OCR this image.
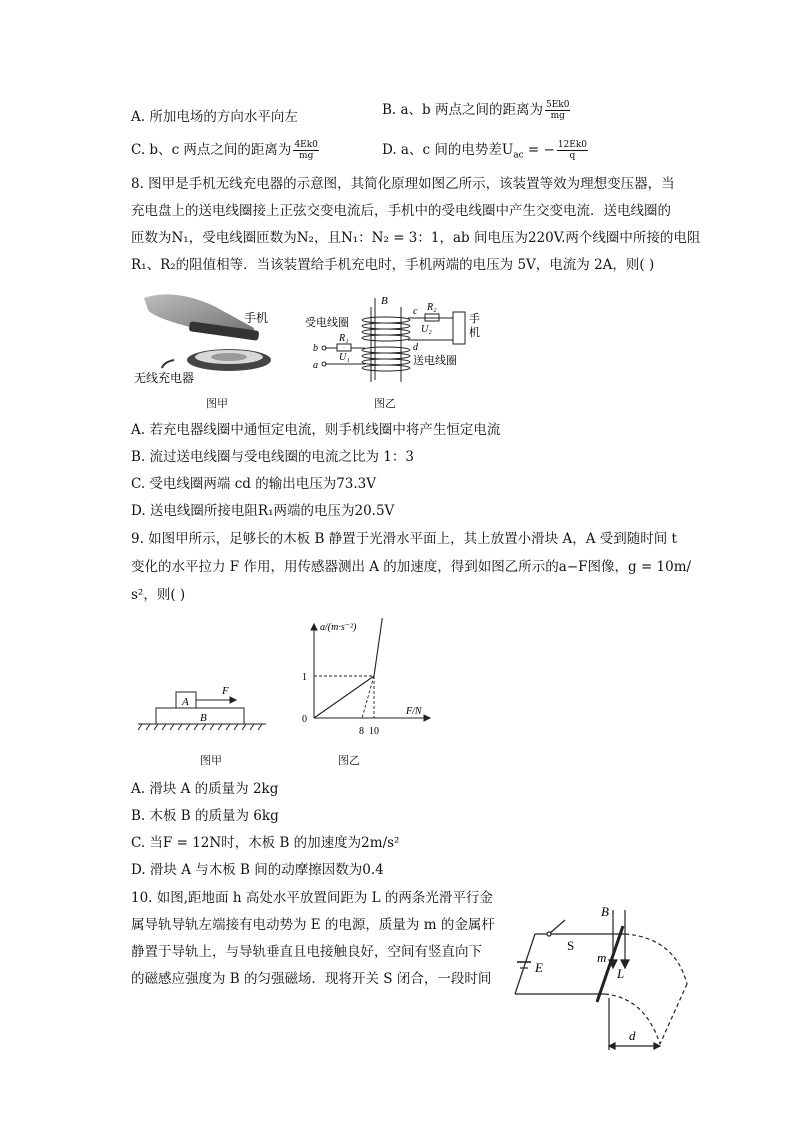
A. 所加电场的方向水平向左	B. a、b 两点之间的距离为 $\frac{5Ek0}{mg}$
C. b、c 两点之间的距离为 $\frac{4Ek0}{mg}$	D. a、c 间的电势差$U_{ac}$ = − $\frac{12Ek0}{q}$
8. 图甲是手机无线充电器的示意图，其简化原理如图乙所示，该装置等效为理想变压器，当
充电盘上的送电线圈接上正弦交变电流后，手机中的受电线圈中产生交变电流．送电线圈的
匝数为N₁，受电线圈匝数为N₂，且N₁：N₂ = 3：1，ab 间电压为220V.两个线圈中所接的电阻
R₁、R₂的阻值相等．当该装置给手机充电时，手机两端的电压为 5V，电流为 2A，则( )
手机
无线充电器
图甲
B
受电线圈
送电线圈
手
机
R₂
c
U₂
d
R₁
U₁
b
a
图乙
A. 若充电器线圈中通恒定电流，则手机线圈中将产生恒定电流
B. 流过送电线圈与受电线圈的电流之比为 1：3
C. 受电线圈两端 cd 的输出电压为73.3V
D. 送电线圈所接电阻R₁两端的电压为20.5V
9. 如图甲所示，足够长的木板 B 静置于光滑水平面上，其上放置小滑块 A，A 受到随时间 t
变化的水平拉力 F 作用，用传感器测出 A 的加速度，得到如图乙所示的a−F图像，g = 10m/
s²，则( )
A
B
F
图甲
a/(m·s⁻²)
F/N
0
1
8 10
图乙
A. 滑块 A 的质量为 2kg
B. 木板 B 的质量为 6kg
C. 当F = 12N时，木板 B 的加速度为2m/s²
D. 滑块 A 与木板 B 间的动摩擦因数为0.4
10. 如图,距地面 h 高处水平放置间距为 L 的两条光滑平行金
属导轨导轨左端接有电动势为 E 的电源，质量为 m 的金属杆
静置于导轨上，与导轨垂直且电接触良好，空间有竖直向下
的磁感应强度为 B 的匀强磁场．现将开关 S 闭合，一段时间
B
S
m
L
E
d
